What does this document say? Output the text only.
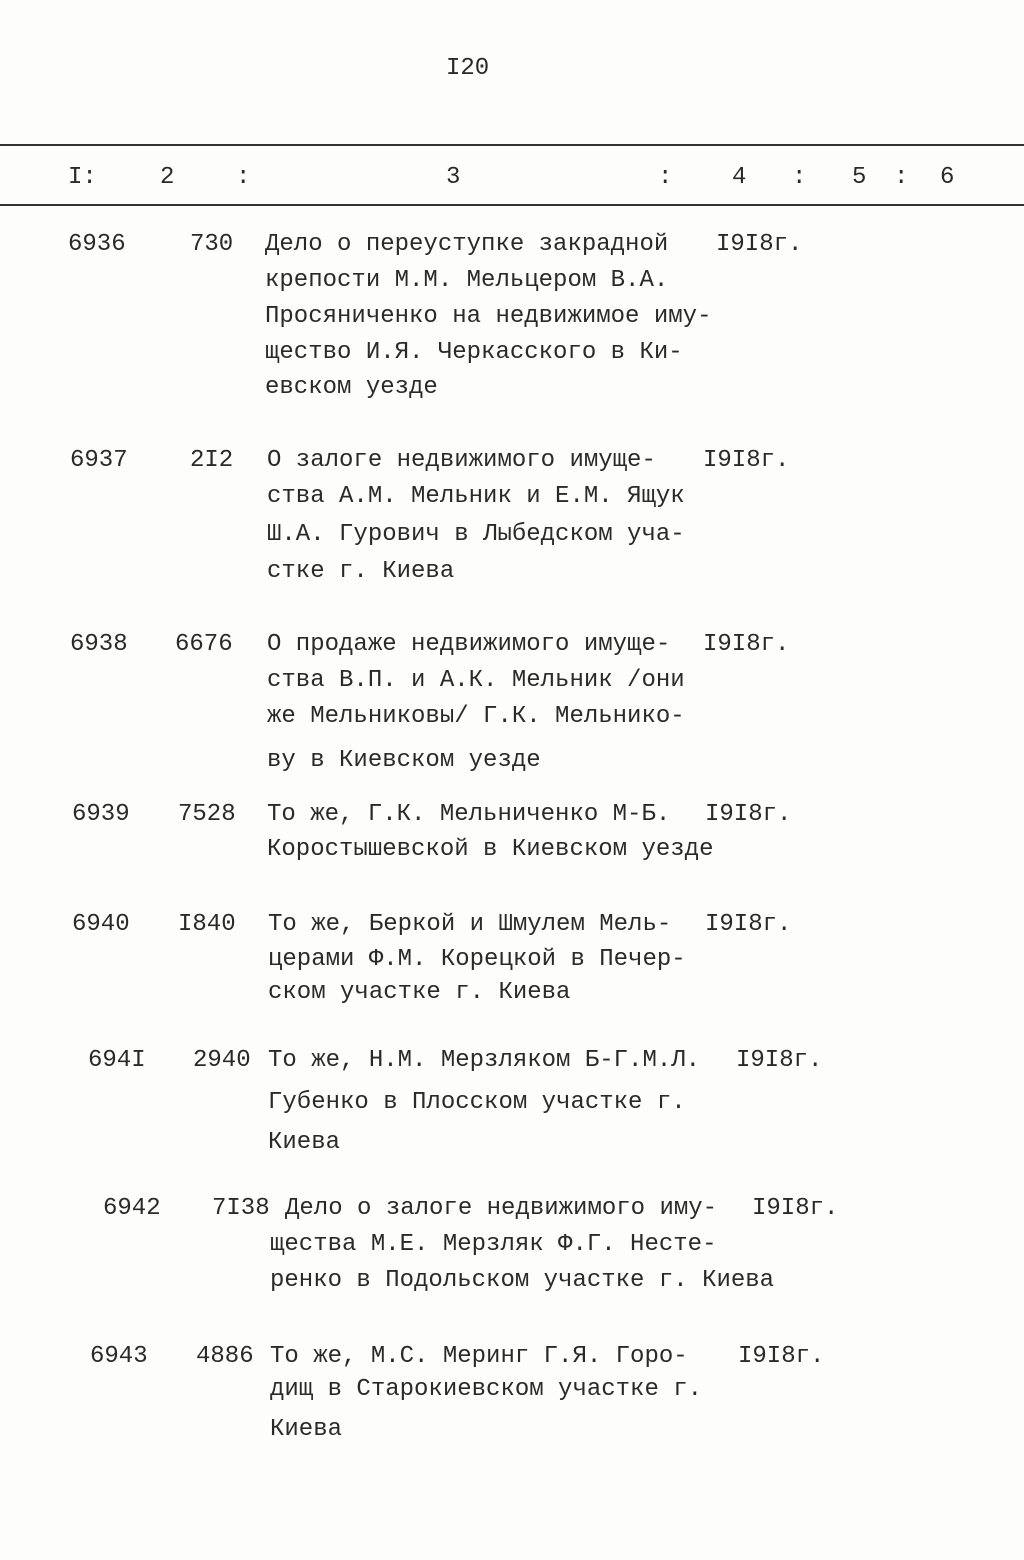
I20
I:	2	:	3	: 4 : 5 : 6
6936	730 Дело о переуступке закрадной
крепости М.М. Мельцером В.А.
Просяниченко на недвижимое иму-
щество И.Я. Черкасского в Ки-
евском уезде
I9I8г.
6937	2I2 О залоге недвижимого имуще-
ства А.М. Мельник и Е.М. Ящук
Ш.А. Гурович в Лыбедском уча-
стке г. Киева
I9I8г.
6938 6676 О продаже недвижимого имуще-
ства В.П. и А.К. Мельник /они
же Мельниковы/ Г.К. Мельнико-
ву в Киевском уезде
I9I8г.
6939 7528 То же, Г.К. Мельниченко М-Б.
Коростышевской в Киевском уезде
I9I8г.
6940 I840 То же, Беркой и Шмулем Мель-
церами Ф.М. Корецкой в Печер-
ском участке г. Киева
I9I8г.
694I 2940 То же, Н.М. Мерзляком Б-Г.М.Л.
Губенко в Плосском участке г.
Киева
I9I8г.
6942 7I38 Дело о залоге недвижимого иму-
щества М.Е. Мерзляк Ф.Г. Несте-
ренко в Подольском участке г. Киева
I9I8г.
6943 4886 То же, М.С. Меринг Г.Я. Горо-
дищ в Старокиевском участке г.
Киева
I9I8г.
